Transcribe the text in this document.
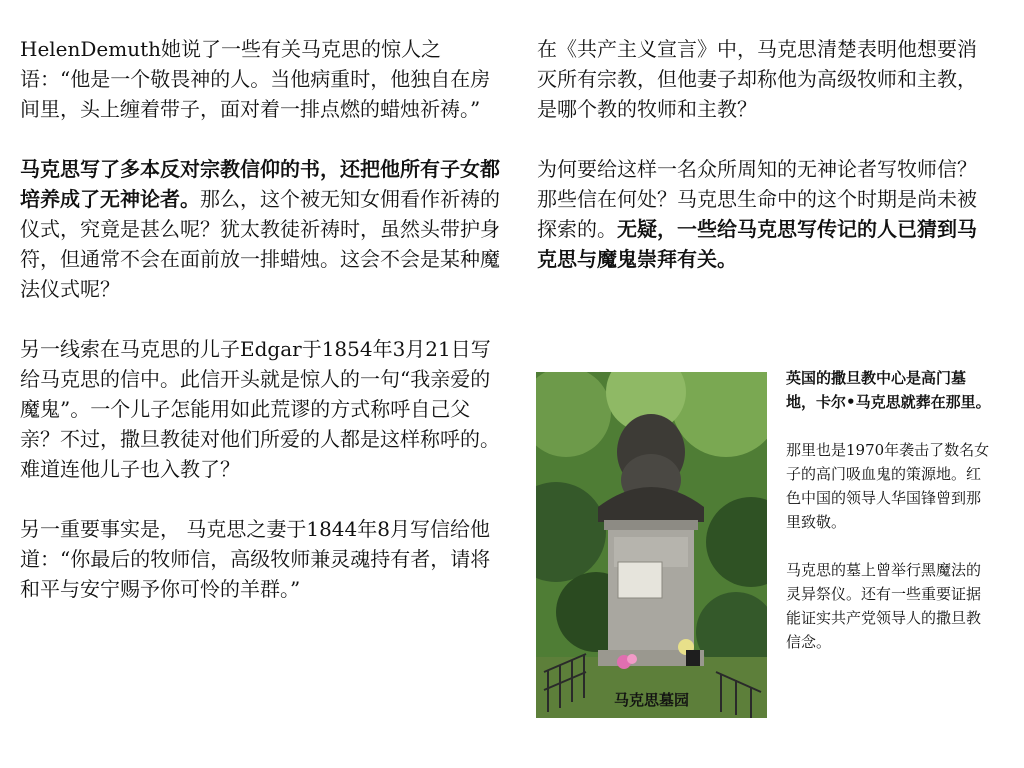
HelenDemuth她说了一些有关马克思的惊人之语：“他是一个敬畏神的人。当他病重时，他独自在房间里，头上缠着带子，面对着一排点燃的蜡烛祈祷。”

马克思写了多本反对宗教信仰的书，还把他所有子女都培养成了无神论者。那么，这个被无知女佣看作祈祷的仪式，究竟是甚么呢？犹太教徒祈祷时，虽然头带护身符，但通常不会在面前放一排蜡烛。这会不会是某种魔法仪式呢？

另一线索在马克思的儿子Edgar于1854年3月21日写给马克思的信中。此信开头就是惊人的一句“我亲爱的魔鬼”。一个儿子怎能用如此荒谬的方式称呼自己父亲？不过，撒旦教徒对他们所爱的人都是这样称呼的。难道连他儿子也入教了？

另一重要事实是， 马克思之妻于1844年8月写信给他道：“你最后的牧师信，高级牧师兼灵魂持有者，请将和平与安宁赐予你可怜的羊群。”

在《共产主义宣言》中，马克思清楚表明他想要消灭所有宗教，但他妻子却称他为高级牧师和主教，是哪个教的牧师和主教？

为何要给这样一名众所周知的无神论者写牧师信？那些信在何处？马克思生命中的这个时期是尚未被探索的。无疑，一些给马克思写传记的人已猜到马克思与魔鬼崇拜有关。

马克思墓园

英国的撒旦教中心是高门墓地，卡尔•马克思就葬在那里。

那里也是1970年袭击了数名女子的高门吸血鬼的策源地。红色中国的领导人华国锋曾到那里致敬。

马克思的墓上曾举行黑魔法的灵异祭仪。还有一些重要证据能证实共产党领导人的撒旦教信念。
